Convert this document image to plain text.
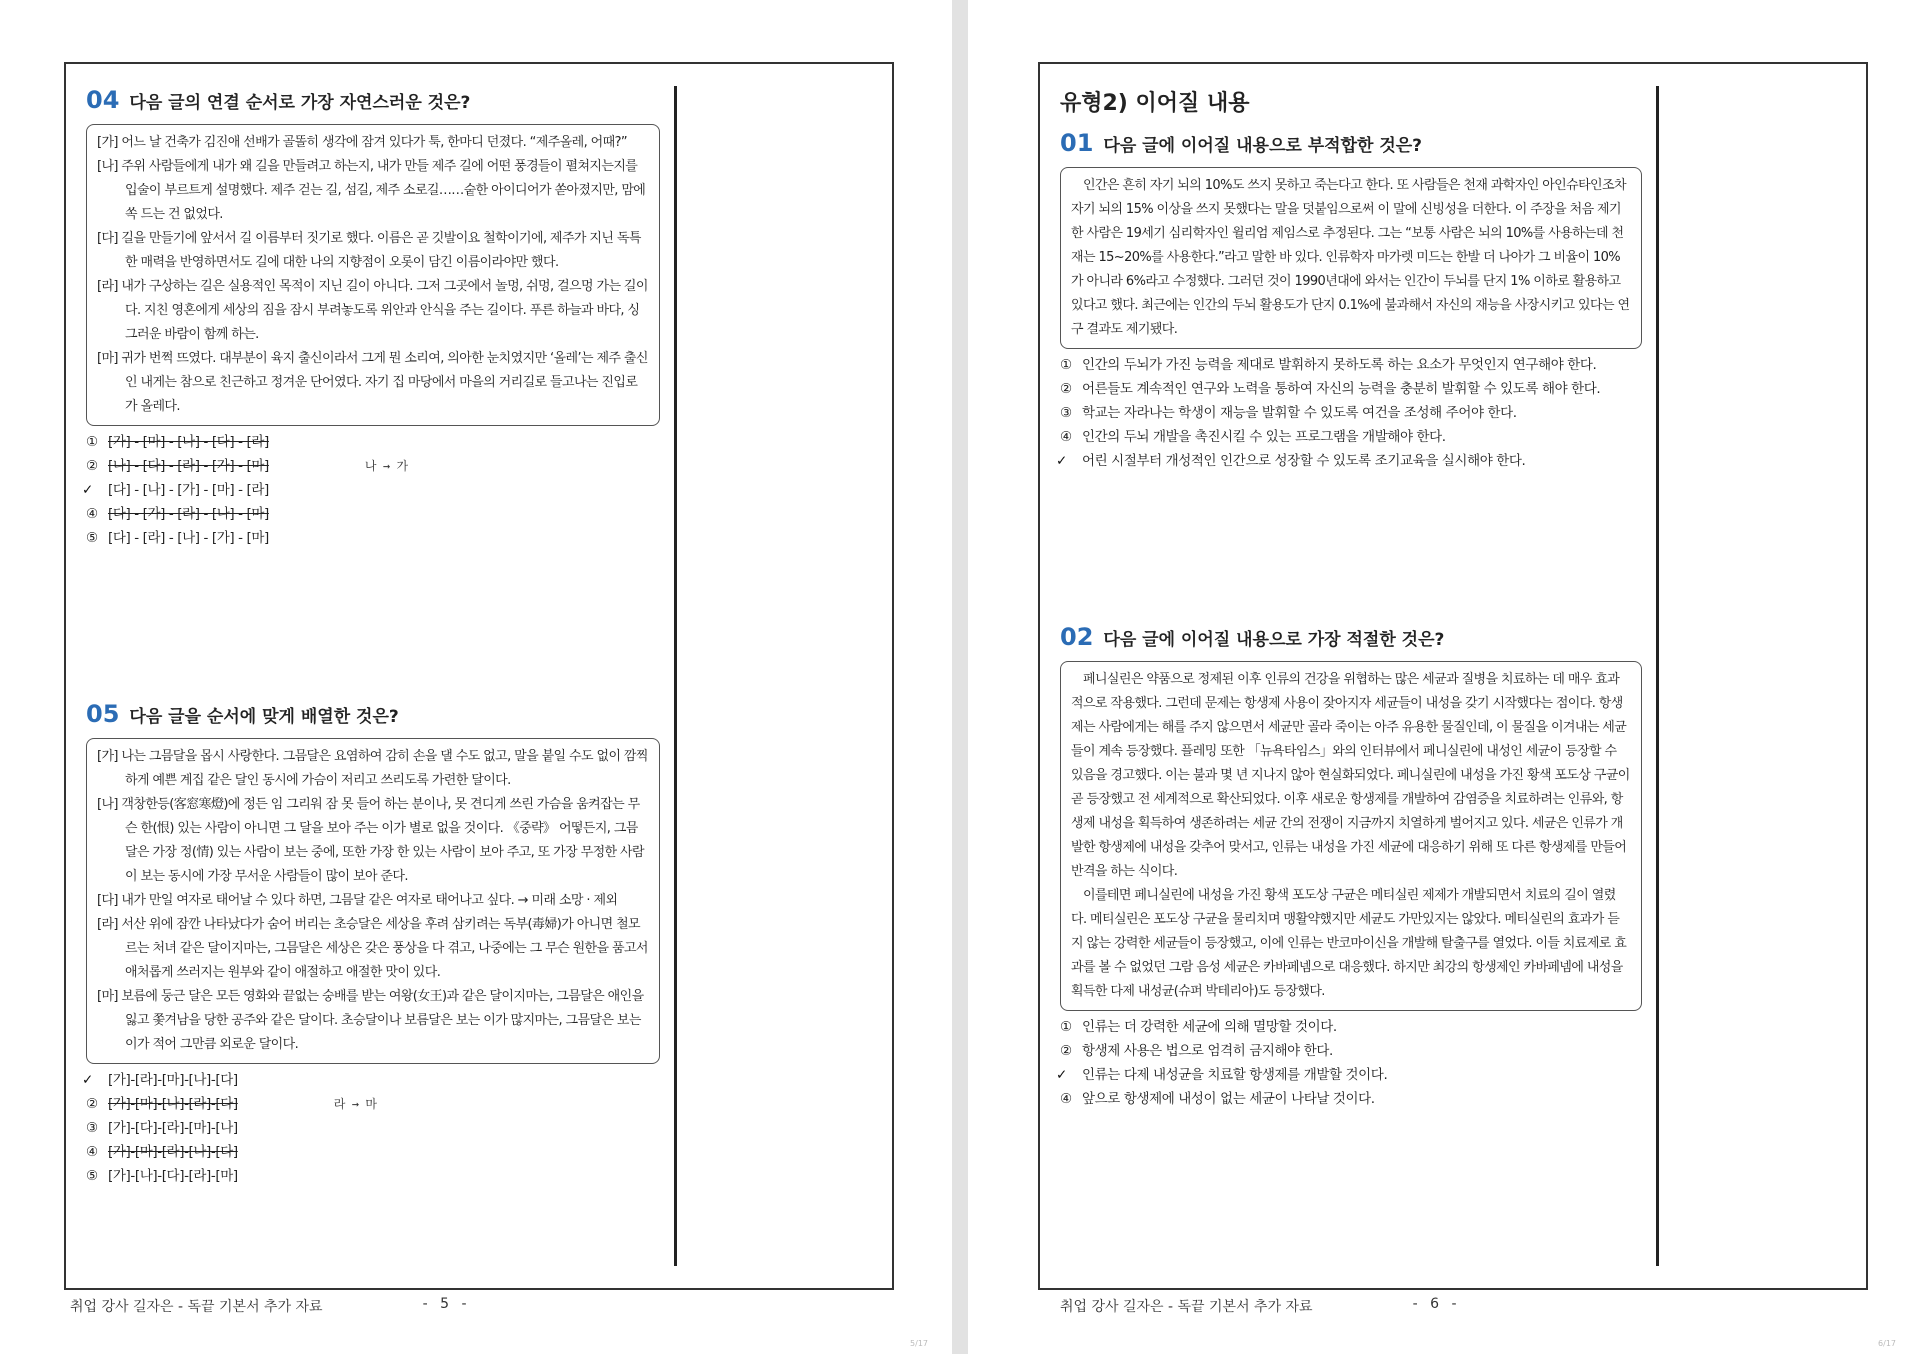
04 다음 글의 연결 순서로 가장 자연스러운 것은?

[가] 어느 날 건축가 김진애 선배가 골똘히 생각에 잠겨 있다가 툭, 한마디 던졌다. “제주올레, 어때?”

[나] 주위 사람들에게 내가 왜 길을 만들려고 하는지, 내가 만들 제주 길에 어떤 풍경들이 펼쳐지는지를 입술이 부르트게 설명했다. 제주 걷는 길, 섬길, 제주 소로길……숱한 아이디어가 쏟아졌지만, 맘에 쏙 드는 건 없었다.

[다] 길을 만들기에 앞서서 길 이름부터 짓기로 했다. 이름은 곧 깃발이요 철학이기에, 제주가 지닌 독특한 매력을 반영하면서도 길에 대한 나의 지향점이 오롯이 담긴 이름이라야만 했다.

[라] 내가 구상하는 길은 실용적인 목적이 지닌 길이 아니다. 그저 그곳에서 놀멍, 쉬멍, 걸으멍 가는 길이다. 지친 영혼에게 세상의 짐을 잠시 부려놓도록 위안과 안식을 주는 길이다. 푸른 하늘과 바다, 싱그러운 바람이 함께 하는.

[마] 귀가 번쩍 뜨였다. 대부분이 육지 출신이라서 그게 뭔 소리여, 의아한 눈치였지만 ‘올레’는 제주 출신인 내게는 참으로 친근하고 정겨운 단어였다. 자기 집 마당에서 마을의 거리길로 들고나는 진입로가 올레다.

① [가] - [마] - [나] - [다] - [라]
② [나] - [다] - [라] - [가] - [마]	나 → 가
✓	[다] - [나] - [가] - [마] - [라]
④ [다] - [가] - [라] - [나] - [마]
⑤ [다] - [라] - [나] - [가] - [마]
05 다음 글을 순서에 맞게 배열한 것은?

[가] 나는 그믐달을 몹시 사랑한다. 그믐달은 요염하여 감히 손을 댈 수도 없고, 말을 붙일 수도 없이 깜찍하게 예쁜 계집 같은 달인 동시에 가슴이 저리고 쓰리도록 가련한 달이다.

[나] 객창한등(客窓寒燈)에 정든 임 그리워 잠 못 들어 하는 분이나, 못 견디게 쓰린 가슴을 움켜잡는 무슨 한(恨) 있는 사람이 아니면 그 달을 보아 주는 이가 별로 없을 것이다. 《중략》 어떻든지, 그믐달은 가장 정(情) 있는 사람이 보는 중에, 또한 가장 한 있는 사람이 보아 주고, 또 가장 무정한 사람이 보는 동시에 가장 무서운 사람들이 많이 보아 준다.

[다] 내가 만일 여자로 태어날 수 있다 하면, 그믐달 같은 여자로 태어나고 싶다. → 미래 소망 · 제외

[라] 서산 위에 잠깐 나타났다가 숨어 버리는 초승달은 세상을 후려 삼키려는 독부(毒婦)가 아니면 철모르는 처녀 같은 달이지마는, 그믐달은 세상은 갖은 풍상을 다 겪고, 나중에는 그 무슨 원한을 품고서 애처롭게 쓰러지는 원부와 같이 애절하고 애절한 맛이 있다.

[마] 보름에 둥근 달은 모든 영화와 끝없는 숭배를 받는 여왕(女王)과 같은 달이지마는, 그믐달은 애인을 잃고 쫓겨남을 당한 공주와 같은 달이다. 초승달이나 보름달은 보는 이가 많지마는, 그믐달은 보는 이가 적어 그만큼 외로운 달이다.

✓	[가]-[라]-[마]-[나]-[다]
② [가]-[마]-[나]-[라]-[다]	라 → 마
③ [가]-[다]-[라]-[마]-[나]
④ [가]-[마]-[라]-[나]-[다]
⑤ [가]-[나]-[다]-[라]-[마]
취업 강사 길자은 - 독끝 기본서 추가 자료	- 5 -
5/17
유형2) 이어질 내용
01 다음 글에 이어질 내용으로 부적합한 것은?

인간은 흔히 자기 뇌의 10%도 쓰지 못하고 죽는다고 한다. 또 사람들은 천재 과학자인 아인슈타인조차 자기 뇌의 15% 이상을 쓰지 못했다는 말을 덧붙임으로써 이 말에 신빙성을 더한다. 이 주장을 처음 제기한 사람은 19세기 심리학자인 윌리엄 제임스로 추정된다. 그는 “보통 사람은 뇌의 10%를 사용하는데 천재는 15~20%를 사용한다.”라고 말한 바 있다. 인류학자 마가렛 미드는 한발 더 나아가 그 비율이 10%가 아니라 6%라고 수정했다. 그러던 것이 1990년대에 와서는 인간이 두뇌를 단지 1% 이하로 활용하고 있다고 했다. 최근에는 인간의 두뇌 활용도가 단지 0.1%에 불과해서 자신의 재능을 사장시키고 있다는 연구 결과도 제기됐다.

① 인간의 두뇌가 가진 능력을 제대로 발휘하지 못하도록 하는 요소가 무엇인지 연구해야 한다.
② 어른들도 계속적인 연구와 노력을 통하여 자신의 능력을 충분히 발휘할 수 있도록 해야 한다.
③ 학교는 자라나는 학생이 재능을 발휘할 수 있도록 여건을 조성해 주어야 한다.
④ 인간의 두뇌 개발을 촉진시킬 수 있는 프로그램을 개발해야 한다.
✓	어린 시절부터 개성적인 인간으로 성장할 수 있도록 조기교육을 실시해야 한다.
02 다음 글에 이어질 내용으로 가장 적절한 것은?

페니실린은 약품으로 정제된 이후 인류의 건강을 위협하는 많은 세균과 질병을 치료하는 데 매우 효과적으로 작용했다. 그런데 문제는 항생제 사용이 잦아지자 세균들이 내성을 갖기 시작했다는 점이다. 항생제는 사람에게는 해를 주지 않으면서 세균만 골라 죽이는 아주 유용한 물질인데, 이 물질을 이겨내는 세균들이 계속 등장했다. 플레밍 또한 「뉴욕타임스」와의 인터뷰에서 페니실린에 내성인 세균이 등장할 수 있음을 경고했다. 이는 불과 몇 년 지나지 않아 현실화되었다. 페니실린에 내성을 가진 황색 포도상 구균이 곧 등장했고 전 세계적으로 확산되었다. 이후 새로운 항생제를 개발하여 감염증을 치료하려는 인류와, 항생제 내성을 획득하여 생존하려는 세균 간의 전쟁이 지금까지 치열하게 벌어지고 있다. 세균은 인류가 개발한 항생제에 내성을 갖추어 맞서고, 인류는 내성을 가진 세균에 대응하기 위해 또 다른 항생제를 만들어 반격을 하는 식이다.

이를테면 페니실린에 내성을 가진 황색 포도상 구균은 메티실린 제제가 개발되면서 치료의 길이 열렸다. 메티실린은 포도상 구균을 물리치며 맹활약했지만 세균도 가만있지는 않았다. 메티실린의 효과가 듣지 않는 강력한 세균들이 등장했고, 이에 인류는 반코마이신을 개발해 탈출구를 열었다. 이들 치료제로 효과를 볼 수 없었던 그람 음성 세균은 카바페넴으로 대응했다. 하지만 최강의 항생제인 카바페넴에 내성을 획득한 다제 내성균(슈퍼 박테리아)도 등장했다.

① 인류는 더 강력한 세균에 의해 멸망할 것이다.
② 항생제 사용은 법으로 엄격히 금지해야 한다.
✓	인류는 다제 내성균을 치료할 항생제를 개발할 것이다.
④ 앞으로 항생제에 내성이 없는 세균이 나타날 것이다.
취업 강사 길자은 - 독끝 기본서 추가 자료	- 6 -
6/17
